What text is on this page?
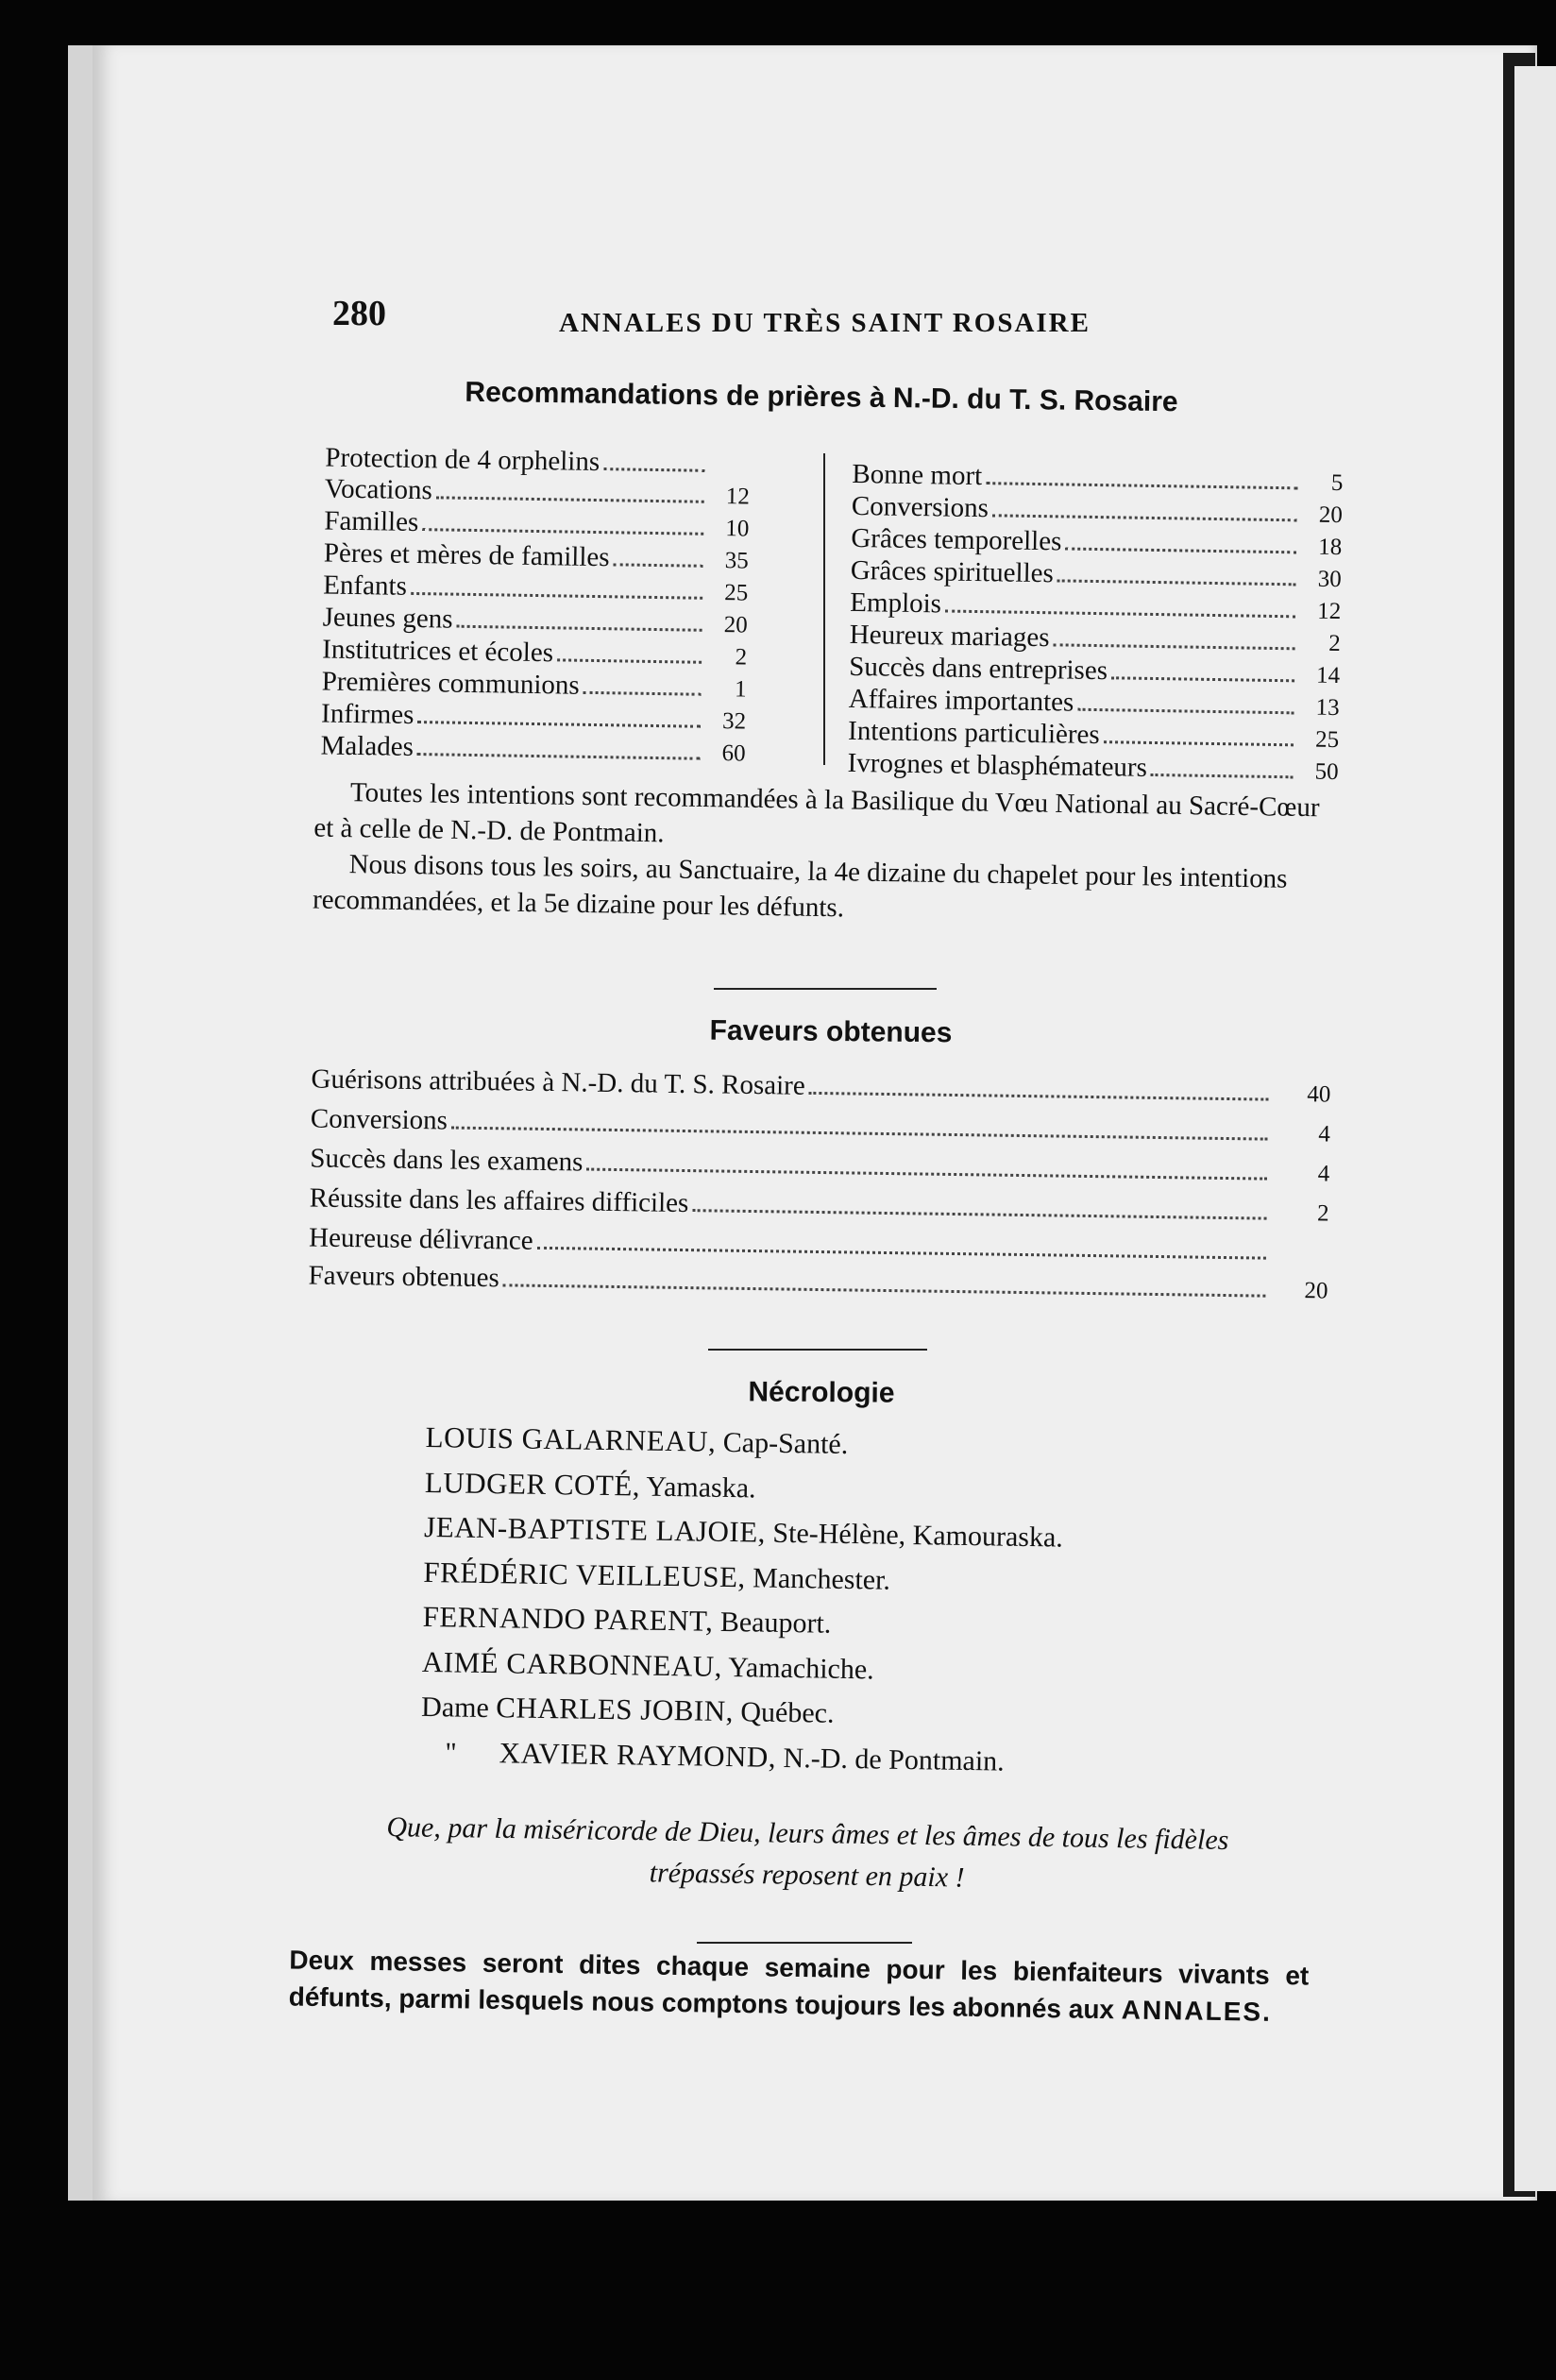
280	ANNALES DU TRÈS SAINT ROSAIRE
Recommandations de prières à N.-D. du T. S. Rosaire
Protection de 4 orphelins
Vocations	12
Familles	10
Pères et mères de familles	35
Enfants	25
Jeunes gens	20
Institutrices et écoles	2
Premières communions	1
Infirmes	32
Malades	60
Bonne mort	5
Conversions	20
Grâces temporelles	18
Grâces spirituelles	30
Emplois	12
Heureux mariages	2
Succès dans entreprises	14
Affaires importantes	13
Intentions particulières	25
Ivrognes et blasphémateurs	50

Toutes les intentions sont recommandées à la Basilique du Vœu National au Sacré-Cœur et à celle de N.-D. de Pontmain.

Nous disons tous les soirs, au Sanctuaire, la 4e dizaine du chapelet pour les intentions recommandées, et la 5e dizaine pour les défunts.

Faveurs obtenues
Guérisons attribuées à N.-D. du T. S. Rosaire	40
Conversions	4
Succès dans les examens	4
Réussite dans les affaires difficiles	2
Heureuse délivrance
Faveurs obtenues	20
Nécrologie
LOUIS GALARNEAU, Cap-Santé.
LUDGER COTÉ, Yamaska.
JEAN-BAPTISTE LAJOIE, Ste-Hélène, Kamouraska.
FRÉDÉRIC VEILLEUSE, Manchester.
FERNANDO PARENT, Beauport.
AIMÉ CARBONNEAU, Yamachiche.
Dame CHARLES JOBIN, Québec.
"   XAVIER RAYMOND, N.-D. de Pontmain.
Que, par la miséricorde de Dieu, leurs âmes et les âmes de tous les fidèles
trépassés reposent en paix !
Deux messes seront dites chaque semaine pour les bienfaiteurs vivants et défunts, parmi lesquels nous comptons toujours les abonnés aux ANNALES.
